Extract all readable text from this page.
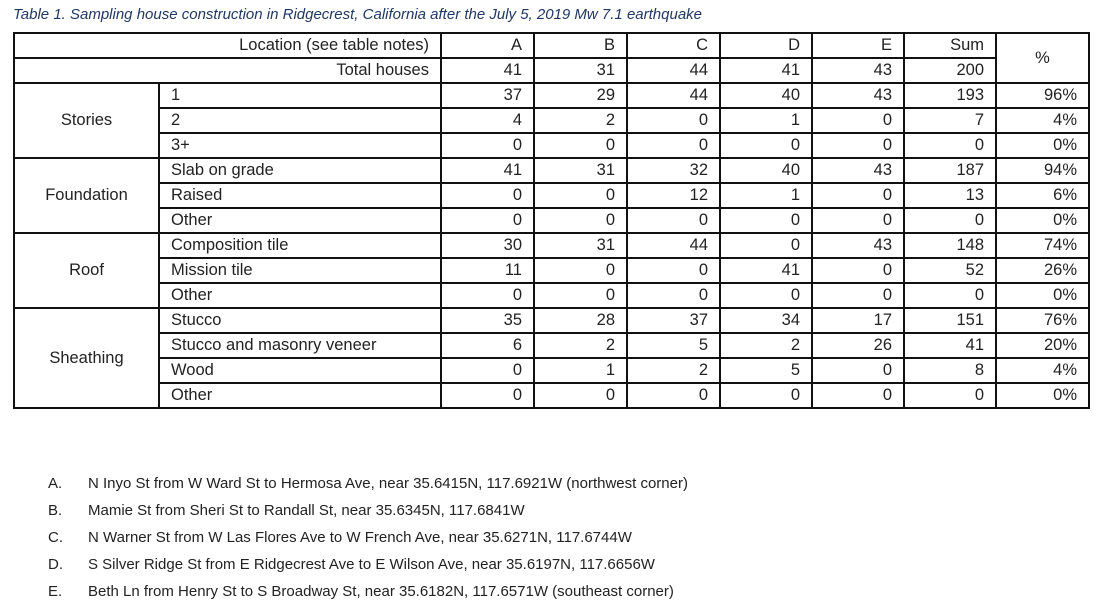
Table 1. Sampling house construction in Ridgecrest, California after the July 5, 2019 Mw 7.1 earthquake
Location (see table notes)		A	B	C	D	E	Sum	%
Total houses		41	31	44	41	43	200	
Stories	1	37	29	44	40	43	193	96%
	2	4	2	0	1	0	7	4%
	3+	0	0	0	0	0	0	0%
Foundation	Slab on grade	41	31	32	40	43	187	94%
	Raised	0	0	12	1	0	13	6%
	Other	0	0	0	0	0	0	0%
Roof	Composition tile	30	31	44	0	43	148	74%
	Mission tile	11	0	0	41	0	52	26%
	Other	0	0	0	0	0	0	0%
Sheathing	Stucco	35	28	37	34	17	151	76%
	Stucco and masonry veneer	6	2	5	2	26	41	20%
	Wood	0	1	2	5	0	8	4%
	Other	0	0	0	0	0	0	0%
A.	N Inyo St from W Ward St to Hermosa Ave, near 35.6415N, 117.6921W (northwest corner)
B.	Mamie St from Sheri St to Randall St, near 35.6345N, 117.6841W
C.	N Warner St from W Las Flores Ave to W French Ave, near 35.6271N, 117.6744W
D.	S Silver Ridge St from E Ridgecrest Ave to E Wilson Ave, near 35.6197N, 117.6656W
E.	Beth Ln from Henry St to S Broadway St, near 35.6182N, 117.6571W (southeast corner)
